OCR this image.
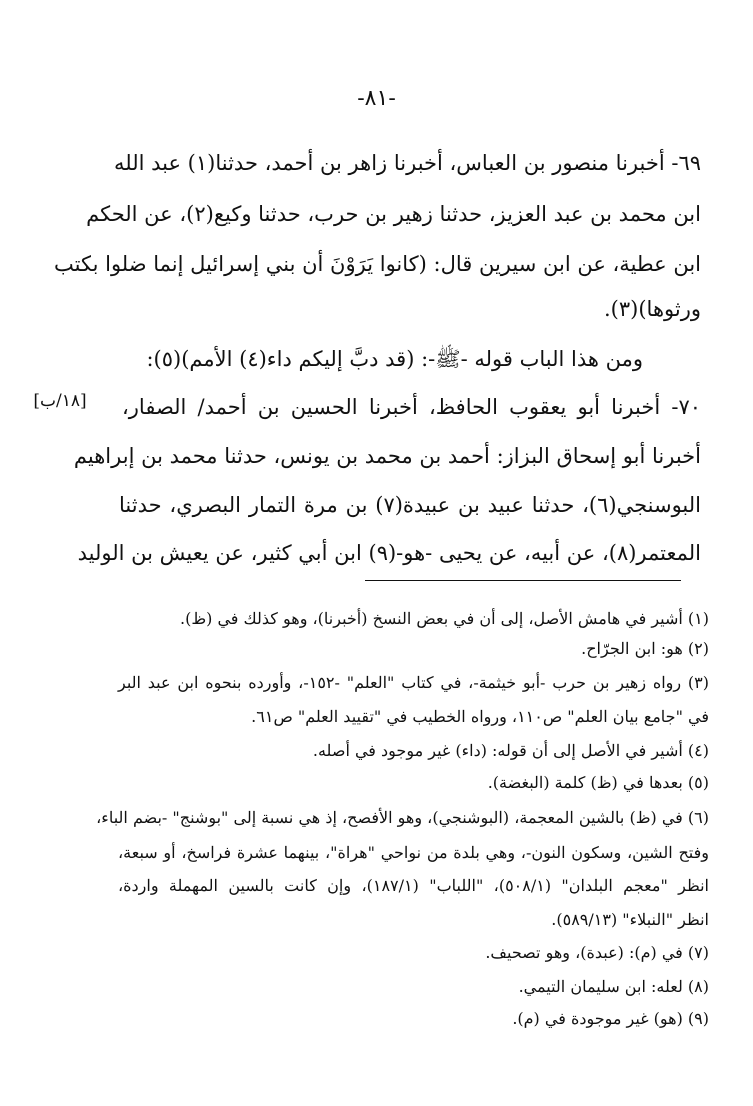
-٨١-
٦٩- أخبرنا منصور بن العباس، أخبرنا زاهر بن أحمد، حدثنا(١) عبد الله
ابن محمد بن عبد العزيز، حدثنا زهير بن حرب، حدثنا وكيع(٢)، عن الحكم
ابن عطية، عن ابن سيرين قال: (كانوا يَرَوْنَ أن بني إسرائيل إنما ضلوا بكتب
ورثوها)(٣).
ومن هذا الباب قوله -ﷺ-: (قد دبَّ إليكم داء(٤) الأمم)(٥):
٧٠- أخبرنا أبو يعقوب الحافظ، أخبرنا الحسين بن أحمد/ الصفار،
أخبرنا أبو إسحاق البزاز: أحمد بن محمد بن يونس، حدثنا محمد بن إبراهيم
البوسنجي(٦)، حدثنا عبيد بن عبيدة(٧) بن مرة التمار البصري، حدثنا
المعتمر(٨)، عن أبيه، عن يحيى -هو-(٩) ابن أبي كثير، عن يعيش بن الوليد
[١٨/ب]
(١) أشير في هامش الأصل، إلى أن في بعض النسخ (أخبرنا)، وهو كذلك في (ظ).
(٢) هو: ابن الجرّاح.
(٣) رواه زهير بن حرب -أبو خيثمة-، في كتاب "العلم" -١٥٢-، وأورده بنحوه ابن عبد البر
في "جامع بيان العلم" ص١١٠، ورواه الخطيب في "تقييد العلم" ص٦١.
(٤) أشير في الأصل إلى أن قوله: (داء) غير موجود في أصله.
(٥) بعدها في (ظ) كلمة (البغضة).
(٦) في (ظ) بالشين المعجمة، (البوشنجي)، وهو الأفصح، إذ هي نسبة إلى "بوشنج" -بضم الباء،
وفتح الشين، وسكون النون-، وهي بلدة من نواحي "هراة"، بينهما عشرة فراسخ، أو سبعة،
انظر "معجم البلدان" (٥٠٨/١)، "اللباب" (١٨٧/١)، وإن كانت بالسين المهملة واردة،
انظر "النبلاء" (٥٨٩/١٣).
(٧) في (م): (عبدة)، وهو تصحيف.
(٨) لعله: ابن سليمان التيمي.
(٩) (هو) غير موجودة في (م).
